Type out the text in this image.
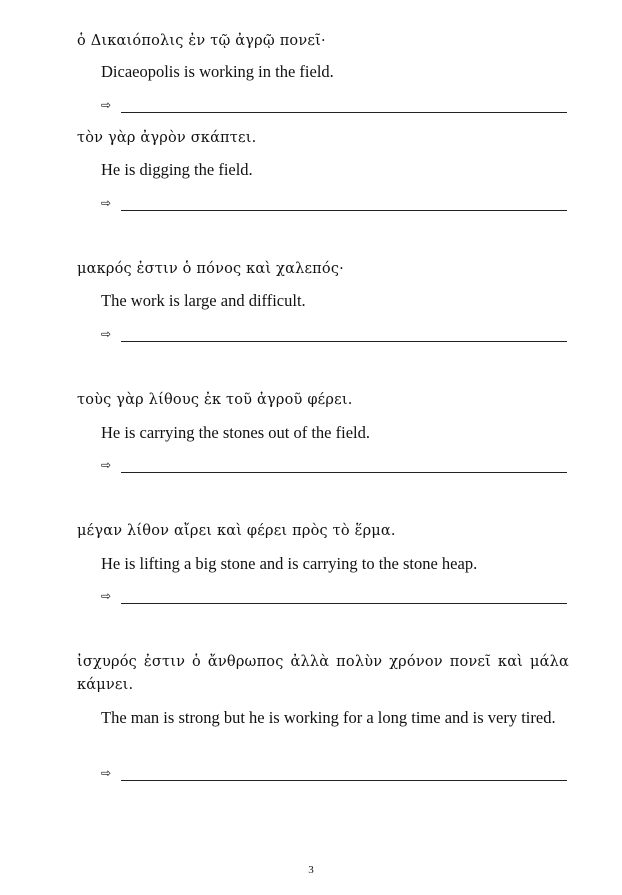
ὁ Δικαιόπολις ἐν τῷ ἀγρῷ πονεῖ·
Dicaeopolis is working in the field.
⇨
τὸν γὰρ ἀγρὸν σκάπτει.
He is digging the field.
⇨
μακρός ἐστιν ὁ πόνος καὶ χαλεπός·
The work is large and difficult.
⇨
τοὺς γὰρ λίθους ἐκ τοῦ ἀγροῦ φέρει.
He is carrying the stones out of the field.
⇨
μέγαν λίθον αἴρει καὶ φέρει πρὸς τὸ ἕρμα.
He is lifting a big stone and is carrying to the stone heap.
⇨
ἰσχυρός ἐστιν ὁ ἄνθρωπος ἀλλὰ πολὺν χρόνον πονεῖ καὶ μάλα κάμνει.
The man is strong but he is working for a long time and is very tired.
⇨
3
